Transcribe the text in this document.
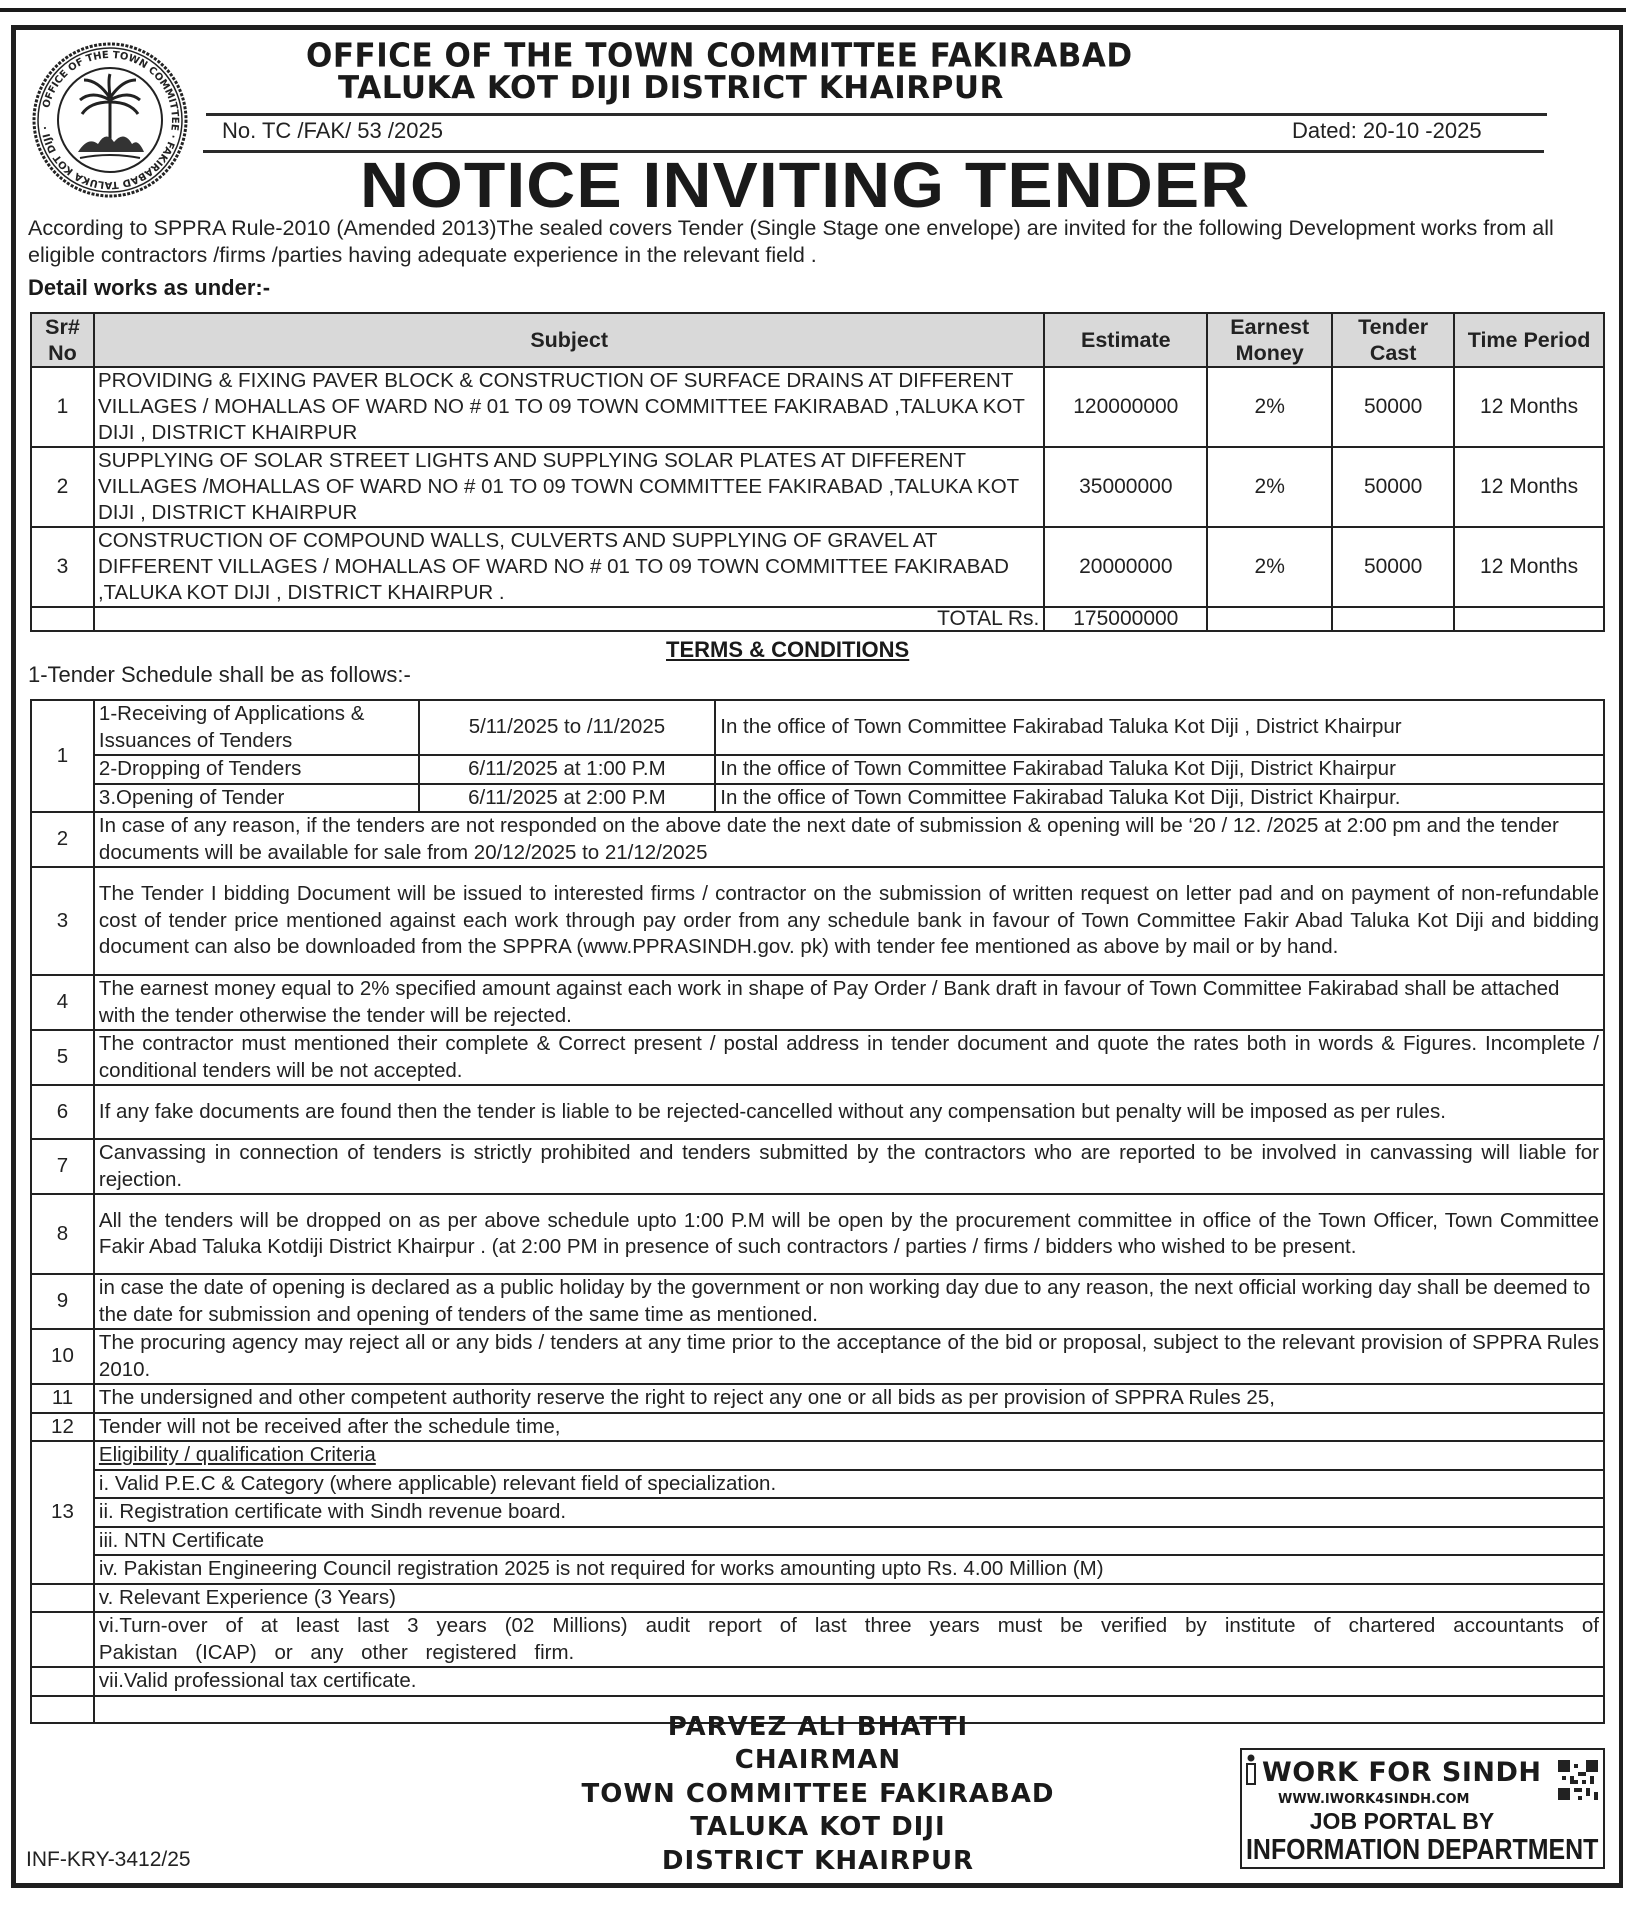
OFFICE OF THE TOWN COMMITTEE · FAKIRABAD TALUKA KOT DIJI ·
OFFICE OF THE TOWN COMMITTEE FAKIRABAD
TALUKA KOT DIJI DISTRICT KHAIRPUR
No. TC /FAK/ 53 /2025	Dated: 20-10 -2025
NOTICE INVITING TENDER
According to SPPRA Rule-2010 (Amended 2013)The sealed covers Tender (Single Stage one envelope) are invited for the following Development works from all eligible contractors /firms /parties having adequate experience in the relevant field .
Detail works as under:-
Sr# No	Subject	Estimate	Earnest Money	Tender Cast	Time Period
1	PROVIDING & FIXING PAVER BLOCK & CONSTRUCTION OF SURFACE DRAINS AT DIFFERENT VILLAGES / MOHALLAS OF WARD NO # 01 TO 09 TOWN COMMITTEE FAKIRABAD ,TALUKA KOT DIJI , DISTRICT KHAIRPUR	120000000	2%	50000	12 Months
2	SUPPLYING OF SOLAR STREET LIGHTS AND SUPPLYING SOLAR PLATES AT DIFFERENT VILLAGES /MOHALLAS OF WARD NO # 01 TO 09 TOWN COMMITTEE FAKIRABAD ,TALUKA KOT DIJI , DISTRICT KHAIRPUR	35000000	2%	50000	12 Months
3	CONSTRUCTION OF COMPOUND WALLS, CULVERTS AND SUPPLYING OF GRAVEL AT DIFFERENT VILLAGES / MOHALLAS OF WARD NO # 01 TO 09 TOWN COMMITTEE FAKIRABAD ,TALUKA KOT DIJI , DISTRICT KHAIRPUR .	20000000	2%	50000	12 Months
	TOTAL Rs.	175000000			
TERMS & CONDITIONS
1-Tender Schedule shall be as follows:-
1	1-Receiving of Applications & Issuances of Tenders	5/11/2025 to /11/2025	In the office of Town Committee Fakirabad Taluka Kot Diji , District Khairpur
	2-Dropping of Tenders	6/11/2025 at 1:00 P.M	In the office of Town Committee Fakirabad Taluka Kot Diji, District Khairpur
	3.Opening of Tender	6/11/2025 at 2:00 P.M	In the office of Town Committee Fakirabad Taluka Kot Diji, District Khairpur.
2	In case of any reason, if the tenders are not responded on the above date the next date of submission & opening will be ‘20 / 12. /2025 at 2:00 pm and the tender documents will be available for sale from 20/12/2025 to 21/12/2025		
3	The Tender I bidding Document will be issued to interested firms / contractor on the submission of written request on letter pad and on payment of non-refundable cost of tender price mentioned against each work through pay order from any schedule bank in favour of Town Committee Fakir Abad Taluka Kot Diji and bidding document can also be downloaded from the SPPRA (www.PPRASINDH.gov. pk) with tender fee mentioned as above by mail or by hand.		
4	The earnest money equal to 2% specified amount against each work in shape of Pay Order / Bank draft in favour of Town Committee Fakirabad shall be attached with the tender otherwise the tender will be rejected.		
5	The contractor must mentioned their complete & Correct present / postal address in tender document and quote the rates both in words & Figures. Incomplete / conditional tenders will be not accepted.		
6	If any fake documents are found then the tender is liable to be rejected-cancelled without any compensation but penalty will be imposed as per rules.		
7	Canvassing in connection of tenders is strictly prohibited and tenders submitted by the contractors who are reported to be involved in canvassing will liable for rejection.		
8	All the tenders will be dropped on as per above schedule upto 1:00 P.M will be open by the procurement committee in office of the Town Officer, Town Committee Fakir Abad Taluka Kotdiji District Khairpur . (at 2:00 PM in presence of such contractors / parties / firms / bidders who wished to be present.		
9	in case the date of opening is declared as a public holiday by the government or non working day due to any reason, the next official working day shall be deemed to the date for submission and opening of tenders of the same time as mentioned.		
10	The procuring agency may reject all or any bids / tenders at any time prior to the acceptance of the bid or proposal, subject to the relevant provision of SPPRA Rules 2010.		
11	The undersigned and other competent authority reserve the right to reject any one or all bids as per provision of SPPRA Rules 25,		
12	Tender will not be received after the schedule time,		
13	Eligibility / qualification Criteria		
	i. Valid P.E.C & Category (where applicable) relevant field of specialization.		
	ii. Registration certificate with Sindh revenue board.		
	iii. NTN Certificate		
	iv. Pakistan Engineering Council registration 2025 is not required for works amounting upto Rs. 4.00 Million (M)		
	v. Relevant Experience (3 Years)		
	vi.Turn-over of at least last 3 years (02 Millions) audit report of last three years must be verified by institute of chartered accountants of Pakistan (ICAP) or any other registered firm.		
	vii.Valid professional tax certificate.		

PARVEZ ALI BHATTI
CHAIRMAN
TOWN COMMITTEE FAKIRABAD
TALUKA KOT DIJI
DISTRICT KHAIRPUR
INF-KRY-3412/25
WORK FOR SINDH
WWW.IWORK4SINDH.COM
JOB PORTAL BY
INFORMATION DEPARTMENT
